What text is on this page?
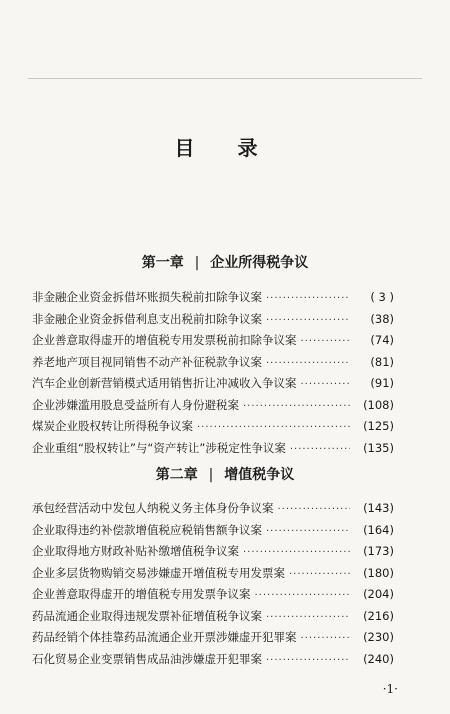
目 录
第一章 | 企业所得税争议
非金融企业资金拆借坏账损失税前扣除争议案 ·····	( 3 )
非金融企业资金拆借利息支出税前扣除争议案 ·····	(38)
企业善意取得虚开的增值税专用发票税前扣除争议案 ·····	(74)
养老地产项目视同销售不动产补征税款争议案 ·····	(81)
汽车企业创新营销模式适用销售折让冲减收入争议案 ·····	(91)
企业涉嫌滥用股息受益所有人身份避税案 ·····	(108)
煤炭企业股权转让所得税争议案 ·····	(125)
企业重组“股权转让”与“资产转让”涉税定性争议案 ·····	(135)
第二章 | 增值税争议
承包经营活动中发包人纳税义务主体身份争议案 ·····	(143)
企业取得违约补偿款增值税应税销售额争议案 ·····	(164)
企业取得地方财政补贴补缴增值税争议案 ·····	(173)
企业多层货物购销交易涉嫌虚开增值税专用发票案 ·····	(180)
企业善意取得虚开的增值税专用发票争议案 ·····	(204)
药品流通企业取得违规发票补征增值税争议案 ·····	(216)
药品经销个体挂靠药品流通企业开票涉嫌虚开犯罪案 ·····	(230)
石化贸易企业变票销售成品油涉嫌虚开犯罪案 ·····	(240)
·1·
